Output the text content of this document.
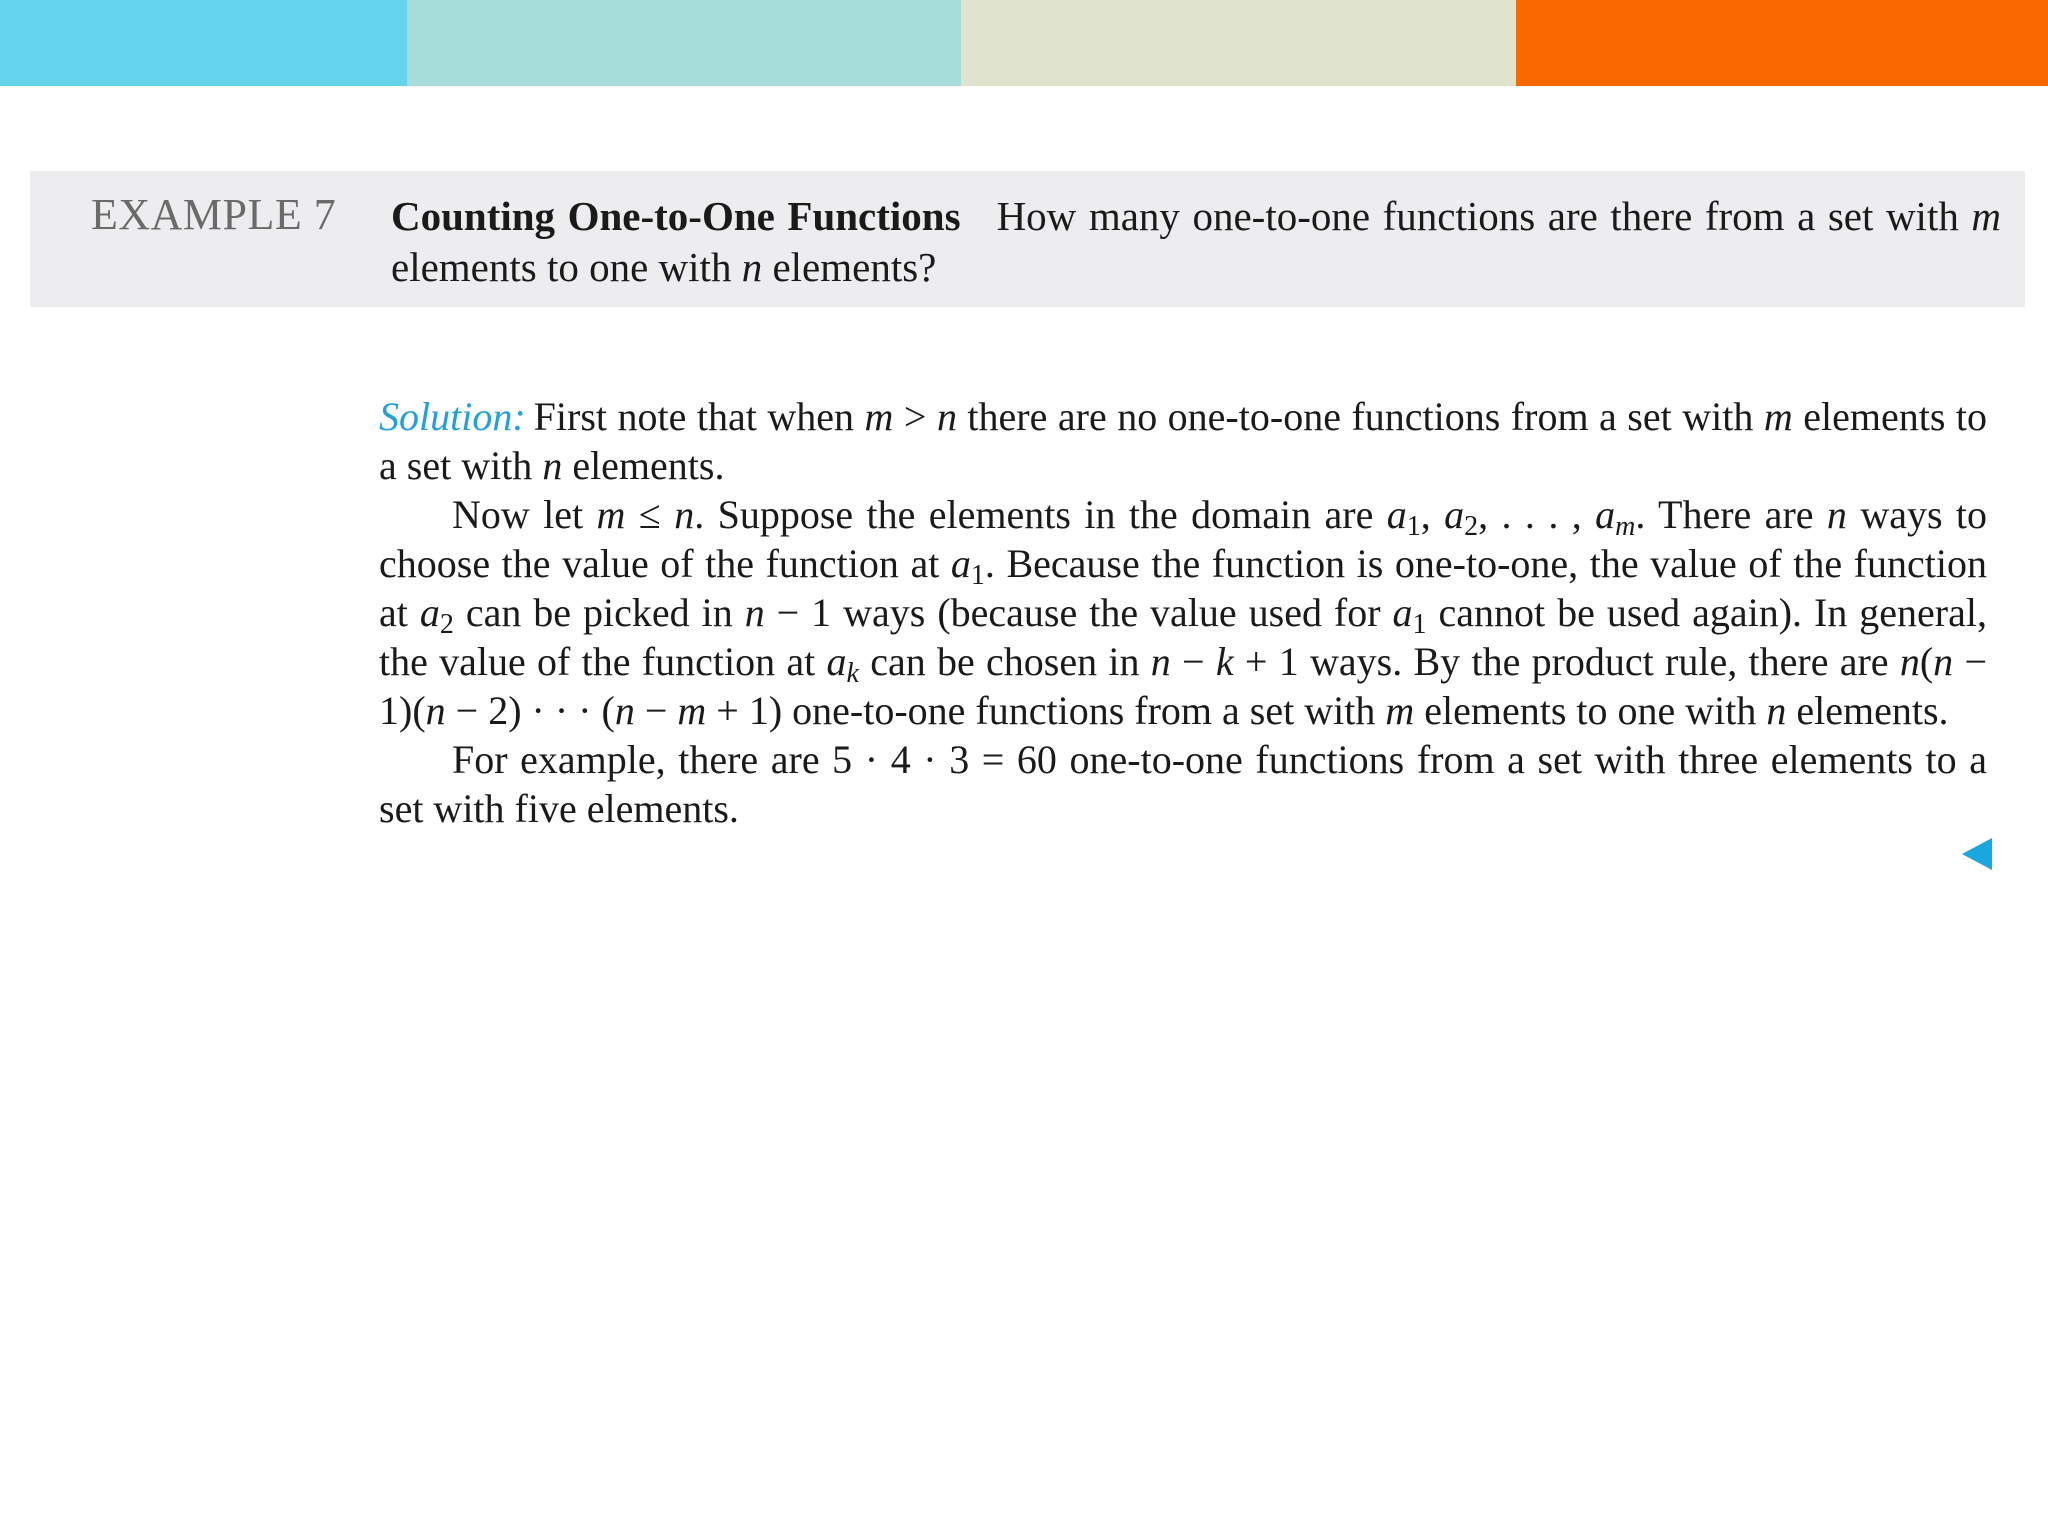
EXAMPLE 7 Counting One-to-One Functions How many one-to-one functions are there from a set with m elements to one with n elements?

Solution: First note that when m > n there are no one-to-one functions from a set with m elements to a set with n elements.

Now let m ≤ n. Suppose the elements in the domain are $a_1$, $a_2$, . . . , $a_m$. There are n ways to choose the value of the function at $a_1$. Because the function is one-to-one, the value of the function at $a_2$ can be picked in n − 1 ways (because the value used for $a_1$ cannot be used again). In general, the value of the function at $a_k$ can be chosen in n − k + 1 ways. By the product rule, there are n(n − 1)(n − 2) · · · (n − m + 1) one-to-one functions from a set with m elements to one with n elements.

For example, there are 5 · 4 · 3 = 60 one-to-one functions from a set with three elements to a set with five elements.
